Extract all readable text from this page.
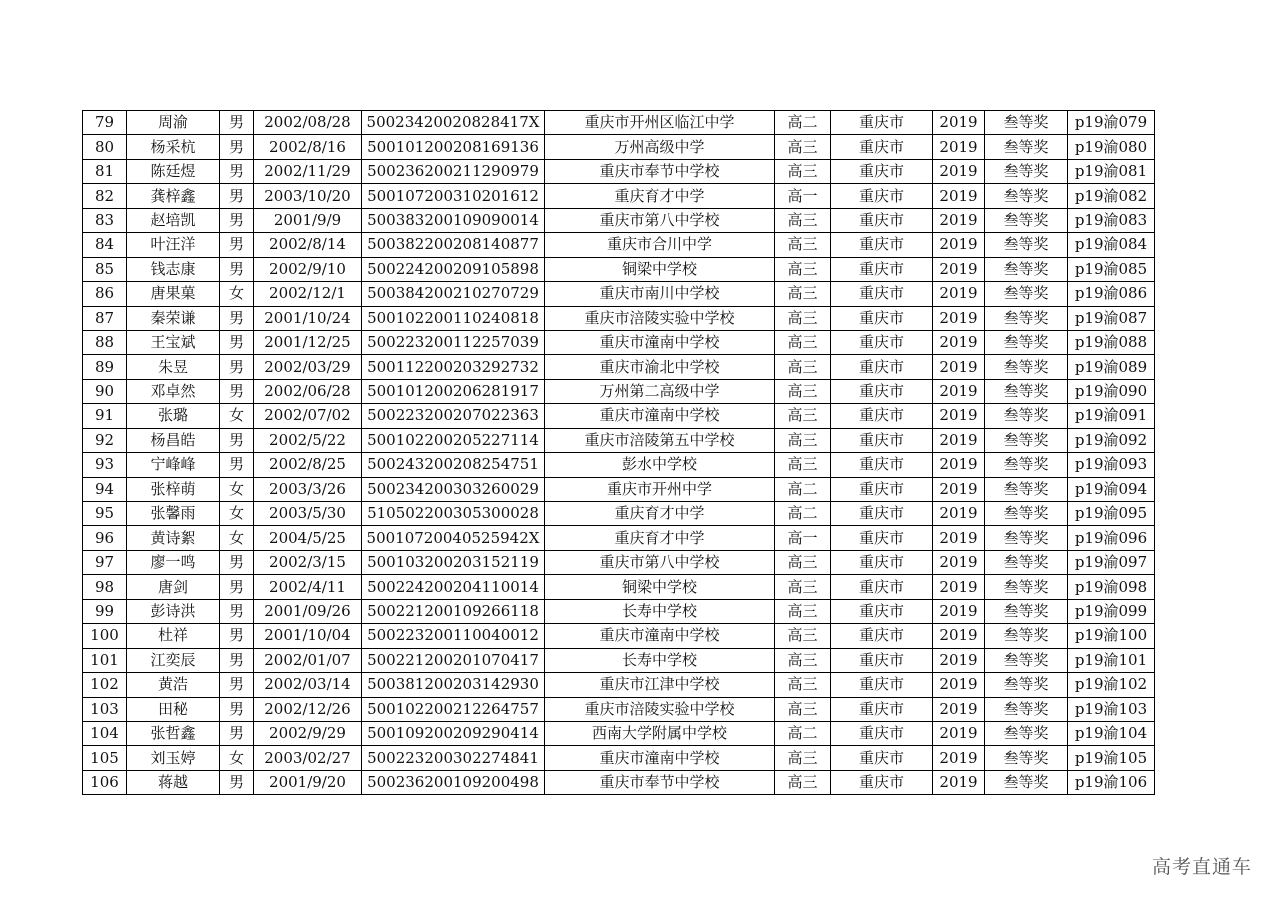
79	周渝	男	2002/08/28	50023420020828417X	重庆市开州区临江中学	高二	重庆市	2019	叁等奖	p19渝079
80	杨采杭	男	2002/8/16	500101200208169136	万州高级中学	高三	重庆市	2019	叁等奖	p19渝080
81	陈廷煜	男	2002/11/29	500236200211290979	重庆市奉节中学校	高三	重庆市	2019	叁等奖	p19渝081
82	龚梓鑫	男	2003/10/20	500107200310201612	重庆育才中学	高一	重庆市	2019	叁等奖	p19渝082
83	赵培凯	男	2001/9/9	500383200109090014	重庆市第八中学校	高三	重庆市	2019	叁等奖	p19渝083
84	叶汪洋	男	2002/8/14	500382200208140877	重庆市合川中学	高三	重庆市	2019	叁等奖	p19渝084
85	钱志康	男	2002/9/10	500224200209105898	铜梁中学校	高三	重庆市	2019	叁等奖	p19渝085
86	唐果菓	女	2002/12/1	500384200210270729	重庆市南川中学校	高三	重庆市	2019	叁等奖	p19渝086
87	秦荣谦	男	2001/10/24	500102200110240818	重庆市涪陵实验中学校	高三	重庆市	2019	叁等奖	p19渝087
88	王宝斌	男	2001/12/25	500223200112257039	重庆市潼南中学校	高三	重庆市	2019	叁等奖	p19渝088
89	朱昱	男	2002/03/29	500112200203292732	重庆市渝北中学校	高三	重庆市	2019	叁等奖	p19渝089
90	邓卓然	男	2002/06/28	500101200206281917	万州第二高级中学	高三	重庆市	2019	叁等奖	p19渝090
91	张璐	女	2002/07/02	500223200207022363	重庆市潼南中学校	高三	重庆市	2019	叁等奖	p19渝091
92	杨昌皓	男	2002/5/22	500102200205227114	重庆市涪陵第五中学校	高三	重庆市	2019	叁等奖	p19渝092
93	宁峰峰	男	2002/8/25	500243200208254751	彭水中学校	高三	重庆市	2019	叁等奖	p19渝093
94	张梓萌	女	2003/3/26	500234200303260029	重庆市开州中学	高二	重庆市	2019	叁等奖	p19渝094
95	张馨雨	女	2003/5/30	510502200305300028	重庆育才中学	高二	重庆市	2019	叁等奖	p19渝095
96	黄诗絮	女	2004/5/25	50010720040525942X	重庆育才中学	高一	重庆市	2019	叁等奖	p19渝096
97	廖一鸣	男	2002/3/15	500103200203152119	重庆市第八中学校	高三	重庆市	2019	叁等奖	p19渝097
98	唐剑	男	2002/4/11	500224200204110014	铜梁中学校	高三	重庆市	2019	叁等奖	p19渝098
99	彭诗洪	男	2001/09/26	500221200109266118	长寿中学校	高三	重庆市	2019	叁等奖	p19渝099
100	杜祥	男	2001/10/04	500223200110040012	重庆市潼南中学校	高三	重庆市	2019	叁等奖	p19渝100
101	江奕辰	男	2002/01/07	500221200201070417	长寿中学校	高三	重庆市	2019	叁等奖	p19渝101
102	黄浩	男	2002/03/14	500381200203142930	重庆市江津中学校	高三	重庆市	2019	叁等奖	p19渝102
103	田秘	男	2002/12/26	500102200212264757	重庆市涪陵实验中学校	高三	重庆市	2019	叁等奖	p19渝103
104	张哲鑫	男	2002/9/29	500109200209290414	西南大学附属中学校	高二	重庆市	2019	叁等奖	p19渝104
105	刘玉婷	女	2003/02/27	500223200302274841	重庆市潼南中学校	高三	重庆市	2019	叁等奖	p19渝105
106	蒋越	男	2001/9/20	500236200109200498	重庆市奉节中学校	高三	重庆市	2019	叁等奖	p19渝106
高考直通车
